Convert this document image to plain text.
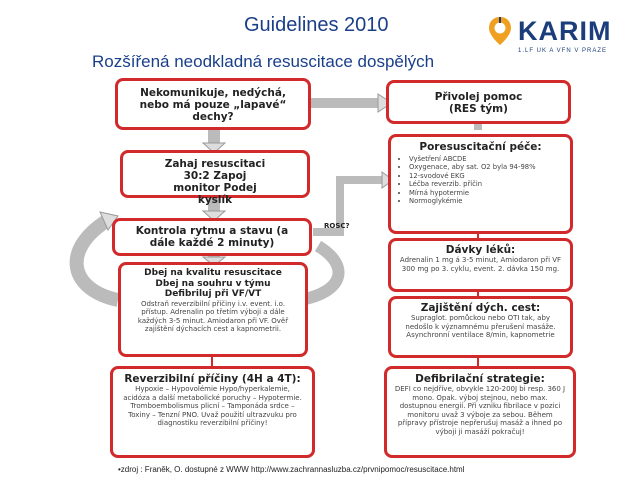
Guidelines 2010
Rozšířená neodkladná resuscitace dospělých
KARIM
1.LF UK A VFN V PRAZE
Nekomunikuje, nedýchá, nebo má pouze „lapavé“ dechy?
Přivolej pomoc
(RES tým)
Zahaj resuscitaci 30:2 Zapoj monitor Podej kyslík
Poresuscitační péče:
• Vyšetření ABCDE
• Oxygenace, aby sat. O2 byla 94-98%
• 12-svodové EKG
• Léčba reverzib. příčin
• Mírná hypotermie
• Normoglykémie
Kontrola rytmu a stavu (a dále každé 2 minuty)
ROSC?
Dávky léků:
Adrenalin 1 mg á 3-5 minut, Amiodaron při VF 300 mg po 3. cyklu, event. 2. dávka 150 mg.
Dbej na kvalitu resuscitace Dbej na souhru v týmu Defibriluj při VF/VT
Odstraň reverzibilní příčiny i.v. event. i.o. přístup. Adrenalin po třetím výboji a dále každých 3-5 minut. Amiodaron při VF. Ověř zajištění dýchacích cest a kapnometrii.
Zajištění dých. cest:
Supraglot. pomůckou nebo OTI tak, aby nedošlo k významnému přerušení masáže. Asynchronní ventilace 8/min, kapnometrie
Reverzibilní příčiny (4H a 4T):
Hypoxie – Hypovolémie Hypo/hyperkalemie, acidóza a další metabolické poruchy – Hypotermie. Tromboembolismus plicní – Tamponáda srdce – Toxiny – Tenzní PNO. Uvaž použití ultrazvuku pro diagnostiku reverzibilní příčiny!
Defibrilační strategie:
DEFI co nejdříve, obvykle 120-200J bi resp. 360 J mono. Opak. výboj stejnou, nebo max. dostupnou energií. Při vzniku fibrilace v pozici monitoru uvaž 3 výboje za sebou. Během přípravy přístroje nepřerušuj masáž a ihned po výboji ji masáží pokračuj!
•zdroj : Franěk, O. dostupné z WWW http://www.zachrannasluzba.cz/prvnipomoc/resuscitace.html
